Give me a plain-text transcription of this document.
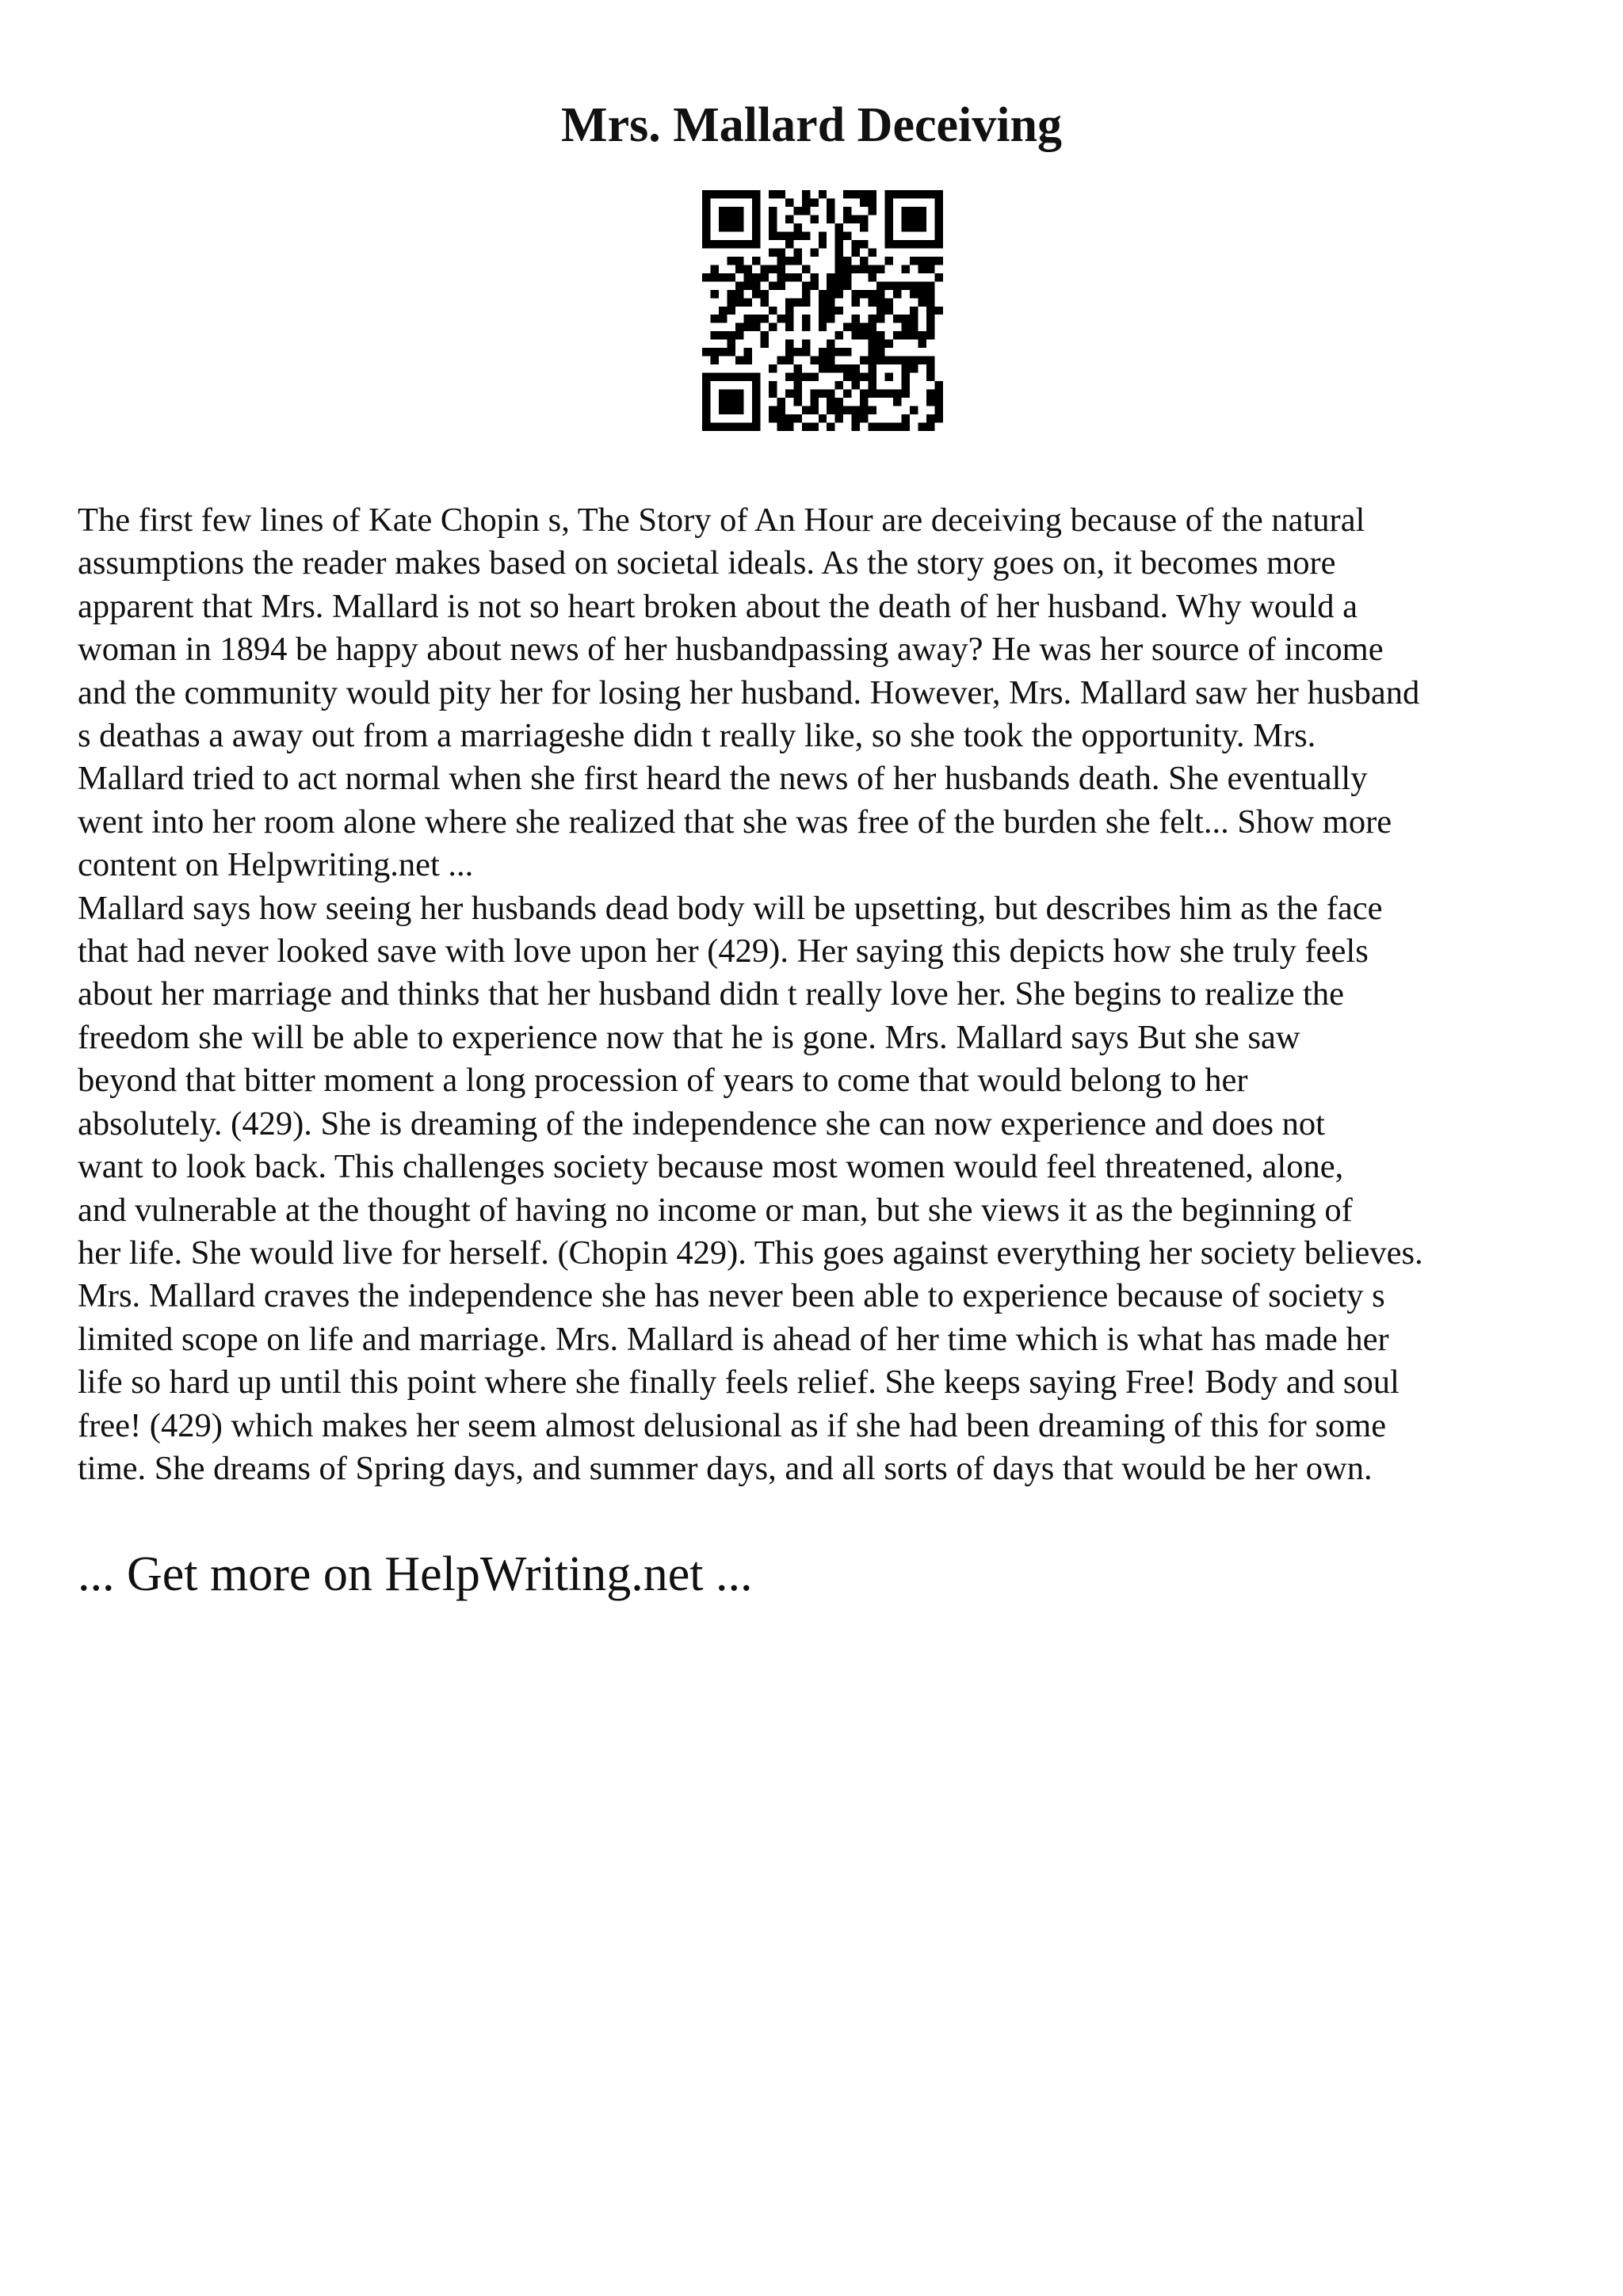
Mrs. Mallard Deceiving
The first few lines of Kate Chopin s, The Story of An Hour are deceiving because of the natural
assumptions the reader makes based on societal ideals. As the story goes on, it becomes more
apparent that Mrs. Mallard is not so heart broken about the death of her husband. Why would a
woman in 1894 be happy about news of her husbandpassing away? He was her source of income
and the community would pity her for losing her husband. However, Mrs. Mallard saw her husband
s deathas a away out from a marriageshe didn t really like, so she took the opportunity. Mrs.
Mallard tried to act normal when she first heard the news of her husbands death. She eventually
went into her room alone where she realized that she was free of the burden she felt... Show more
content on Helpwriting.net ...
Mallard says how seeing her husbands dead body will be upsetting, but describes him as the face
that had never looked save with love upon her (429). Her saying this depicts how she truly feels
about her marriage and thinks that her husband didn t really love her. She begins to realize the
freedom she will be able to experience now that he is gone. Mrs. Mallard says But she saw
beyond that bitter moment a long procession of years to come that would belong to her
absolutely. (429). She is dreaming of the independence she can now experience and does not
want to look back. This challenges society because most women would feel threatened, alone,
and vulnerable at the thought of having no income or man, but she views it as the beginning of
her life. She would live for herself. (Chopin 429). This goes against everything her society believes.
Mrs. Mallard craves the independence she has never been able to experience because of society s
limited scope on life and marriage. Mrs. Mallard is ahead of her time which is what has made her
life so hard up until this point where she finally feels relief. She keeps saying Free! Body and soul
free! (429) which makes her seem almost delusional as if she had been dreaming of this for some
time. She dreams of Spring days, and summer days, and all sorts of days that would be her own.

... Get more on HelpWriting.net ...
